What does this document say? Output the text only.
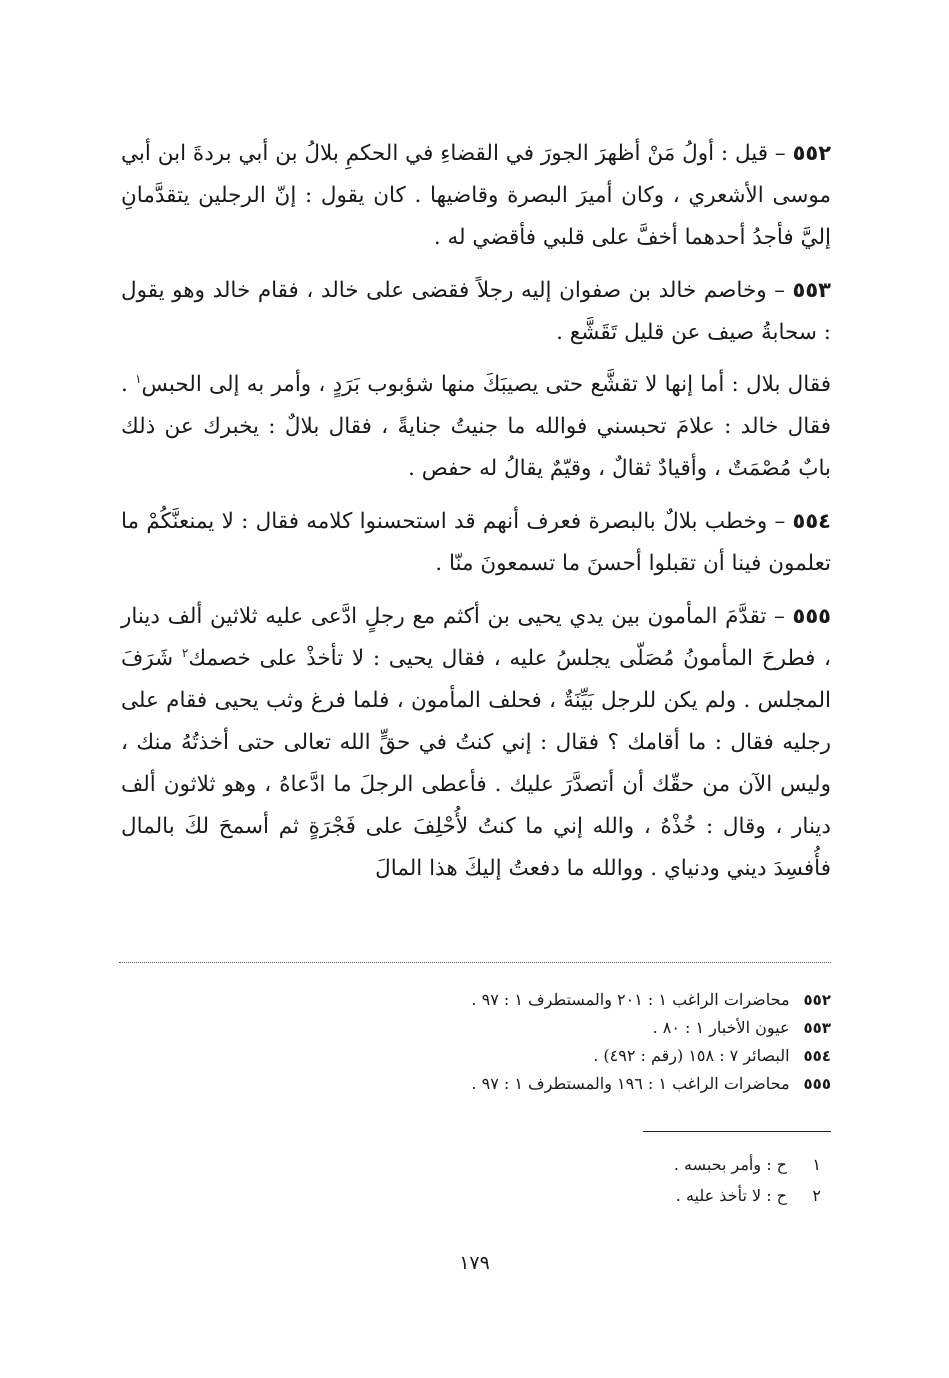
٥٥٢ – قيل : أولُ مَنْ أظهرَ الجورَ في القضاءِ في الحكمِ بلالُ بن أبي بردةَ ابن أبي موسى الأشعري ، وكان أميرَ البصرة وقاضيها . كان يقول : إنّ الرجلين يتقدَّمانِ إليَّ فأجدُ أحدهما أخفَّ على قلبي فأقضي له .

٥٥٣ – وخاصم خالد بن صفوان إليه رجلاً فقضى على خالد ، فقام خالد وهو يقول : سحابةُ صيف عن قليل تَقَشَّع .

فقال بلال : أما إنها لا تقشَّع حتى يصيبَكَ منها شؤبوب بَرَدٍ ، وأمر به إلى الحبس$^١$ . فقال خالد : علامَ تحبسني فوالله ما جنيتُ جنايةً ، فقال بلالٌ : يخبرك عن ذلك بابٌ مُصْمَتٌ ، وأقيادٌ ثقالٌ ، وقيّمٌ يقالُ له حفص .

٥٥٤ – وخطب بلالٌ بالبصرة فعرف أنهم قد استحسنوا كلامه فقال : لا يمنعنَّكُمْ ما تعلمون فينا أن تقبلوا أحسنَ ما تسمعونَ منّا .

٥٥٥ – تقدَّمَ المأمون بين يدي يحيى بن أكثم مع رجلٍ ادَّعى عليه ثلاثين ألف دينار ، فطرحَ المأمونُ مُصَلّى يجلسُ عليه ، فقال يحيى : لا تأخذْ على خصمك$^٢$ شَرَفَ المجلس . ولم يكن للرجل بَيِّنَةٌ ، فحلف المأمون ، فلما فرغ وثب يحيى فقام على رجليه فقال : ما أقامك ؟ فقال : إني كنتُ في حقٍّ الله تعالى حتى أخذتُهُ منك ، وليس الآن من حقّك أن أتصدَّرَ عليك . فأعطى الرجلَ ما ادَّعاهُ ، وهو ثلاثون ألف دينار ، وقال : خُذْهُ ، والله إني ما كنتُ لأُحْلِفَ على فَجْرَةٍ ثم أسمحَ لكَ بالمال فأُفسِدَ ديني ودنياي . ووالله ما دفعتُ إليكَ هذا المالَ

٥٥٢محاضرات الراغب ١ : ٢٠١ والمستطرف ١ : ٩٧ .
٥٥٣عيون الأخبار ١ : ٨٠ .
٥٥٤البصائر ٧ : ١٥٨ (رقم : ٤٩٢) .
٥٥٥محاضرات الراغب ١ : ١٩٦ والمستطرف ١ : ٩٧ .
١ح : وأمر بحبسه .
٢ح : لا تأخذ عليه .
١٧٩
